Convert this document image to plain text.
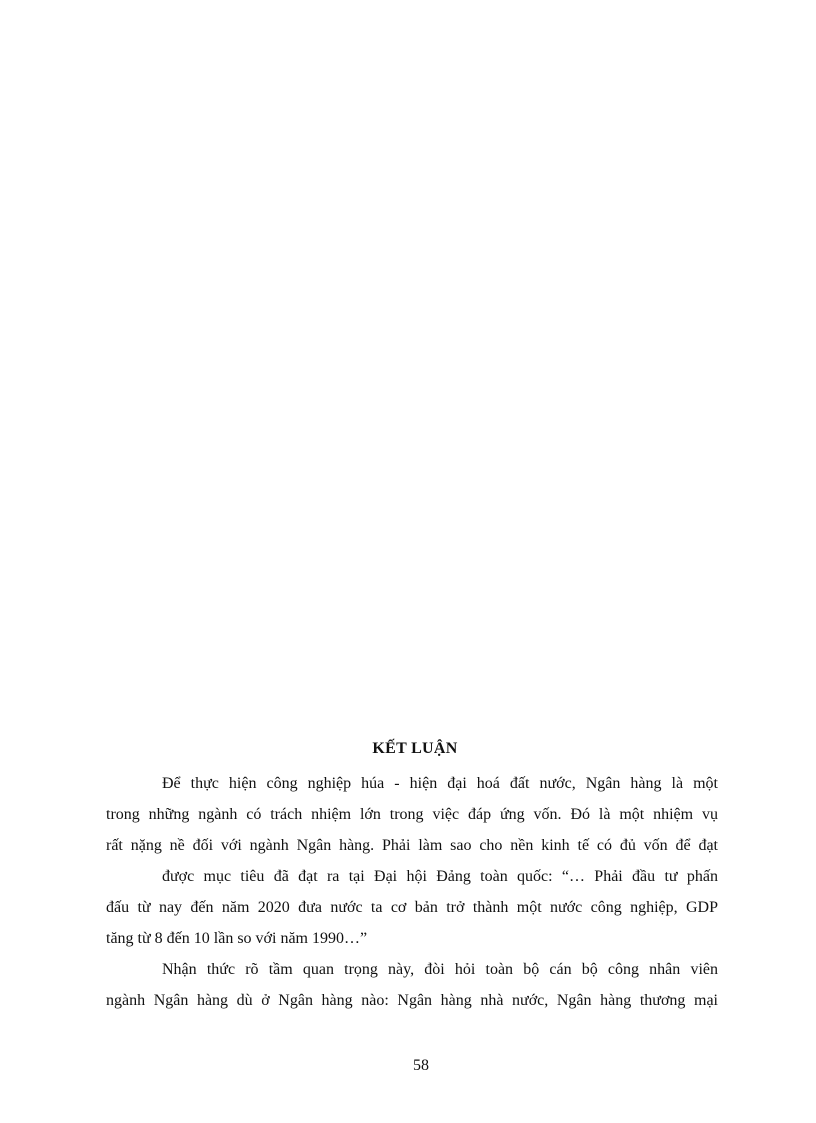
KẾT LUẬN
Để thực hiện công nghiệp húa - hiện đại hoá đất nước, Ngân hàng là một
trong những ngành có trách nhiệm lớn trong việc đáp ứng vốn. Đó là một nhiệm vụ
rất nặng nề đối với ngành Ngân hàng. Phải làm sao cho nền kinh tế có đủ vốn để đạt
được mục tiêu đã đạt ra tại Đại hội Đảng toàn quốc: “… Phải đầu tư phấn
đấu từ nay đến năm 2020 đưa nước ta cơ bản trở thành một nước công nghiệp, GDP
tăng từ 8 đến 10 lần so với năm 1990…”
Nhận thức rõ tầm quan trọng này, đòi hỏi toàn bộ cán bộ công nhân viên
ngành Ngân hàng dù ở Ngân hàng nào: Ngân hàng nhà nước, Ngân hàng thương mại
58
